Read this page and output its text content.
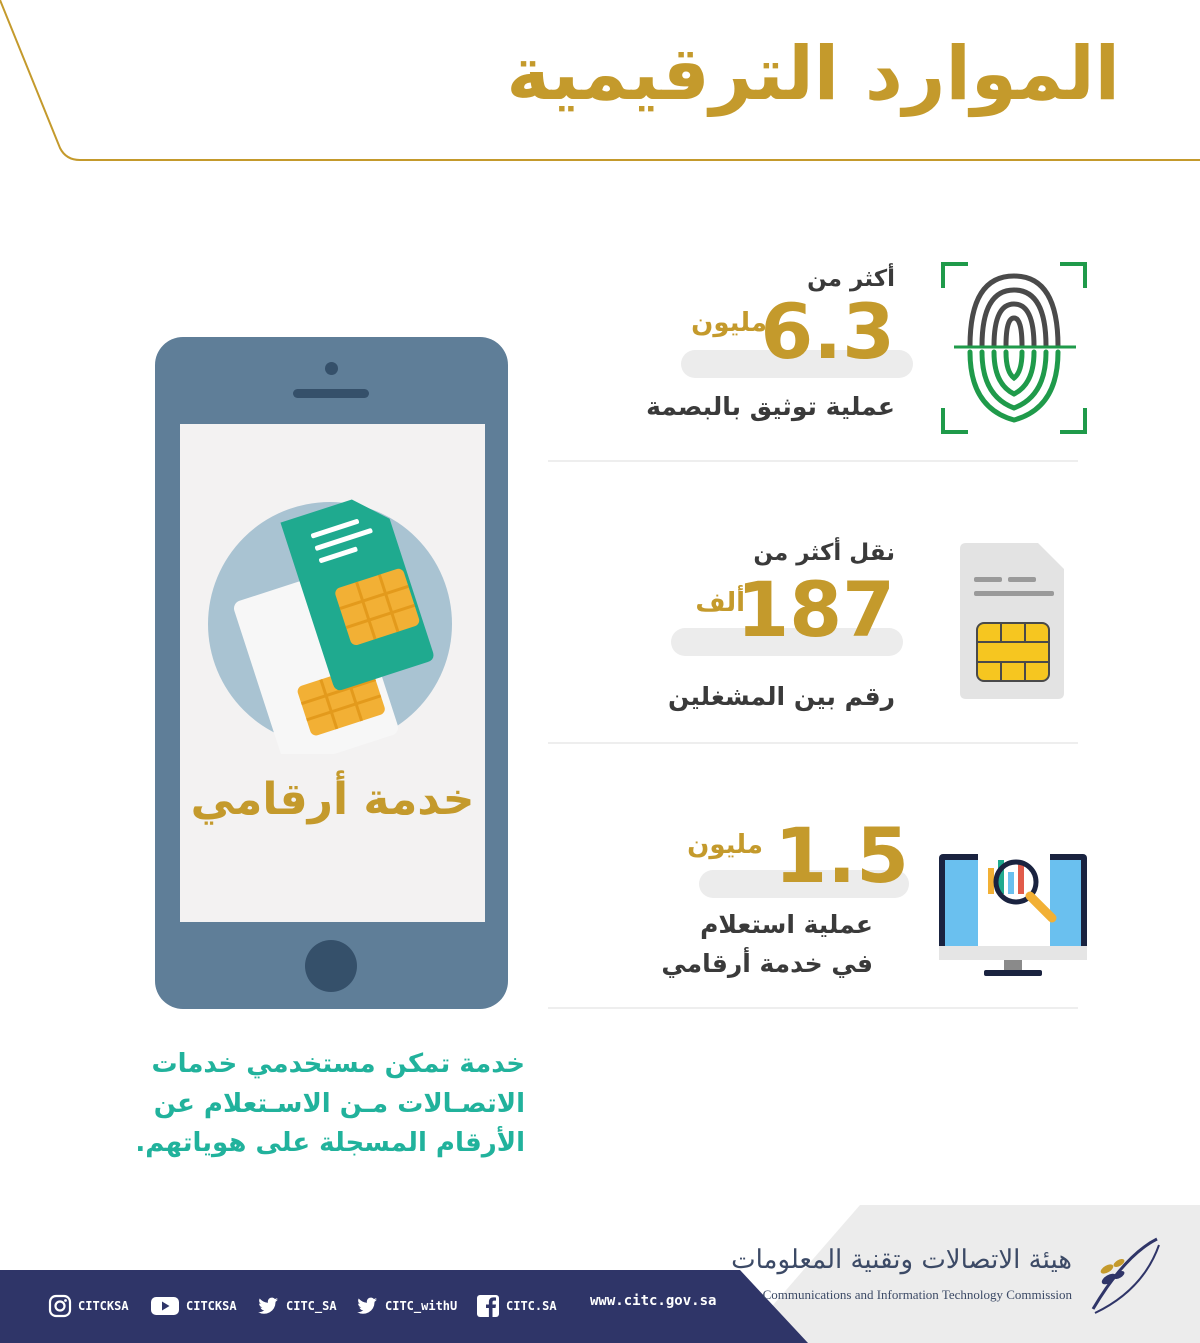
الموارد الترقيمية
خدمة أرقامي
أكثر من
6.3
مليون
عملية توثيق بالبصمة
نقل أكثر من
187
ألف
رقم بين المشغلين
1.5
مليون
عملية استعلام
في خدمة أرقامي
خدمة تمكن مستخدمي خدمات
الاتصـالات مـن الاسـتعلام عن
الأرقام المسجلة على هوياتهم.
CITCKSA	CITCKSA	CITC_SA	CITC_withU	CITC.SA www.citc.gov.sa
هيئة الاتصالات وتقنية المعلومات
Communications and Information Technology Commission
